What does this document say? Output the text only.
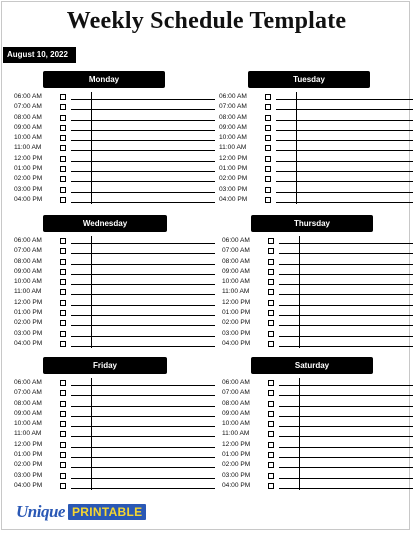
Weekly Schedule Template
August 10, 2022
Monday
06:00 AM
07:00 AM
08:00 AM
09:00 AM
10:00 AM
11:00 AM
12:00 PM
01:00 PM
02:00 PM
03:00 PM
04:00 PM
Tuesday
06:00 AM
07:00 AM
08:00 AM
09:00 AM
10:00 AM
11:00 AM
12:00 PM
01:00 PM
02:00 PM
03:00 PM
04:00 PM
Wednesday
06:00 AM
07:00 AM
08:00 AM
09:00 AM
10:00 AM
11:00 AM
12:00 PM
01:00 PM
02:00 PM
03:00 PM
04:00 PM
Thursday
06:00 AM
07:00 AM
08:00 AM
09:00 AM
10:00 AM
11:00 AM
12:00 PM
01:00 PM
02:00 PM
03:00 PM
04:00 PM
Friday
06:00 AM
07:00 AM
08:00 AM
09:00 AM
10:00 AM
11:00 AM
12:00 PM
01:00 PM
02:00 PM
03:00 PM
04:00 PM
Saturday
06:00 AM
07:00 AM
08:00 AM
09:00 AM
10:00 AM
11:00 AM
12:00 PM
01:00 PM
02:00 PM
03:00 PM
04:00 PM
Unique PRINTABLE
